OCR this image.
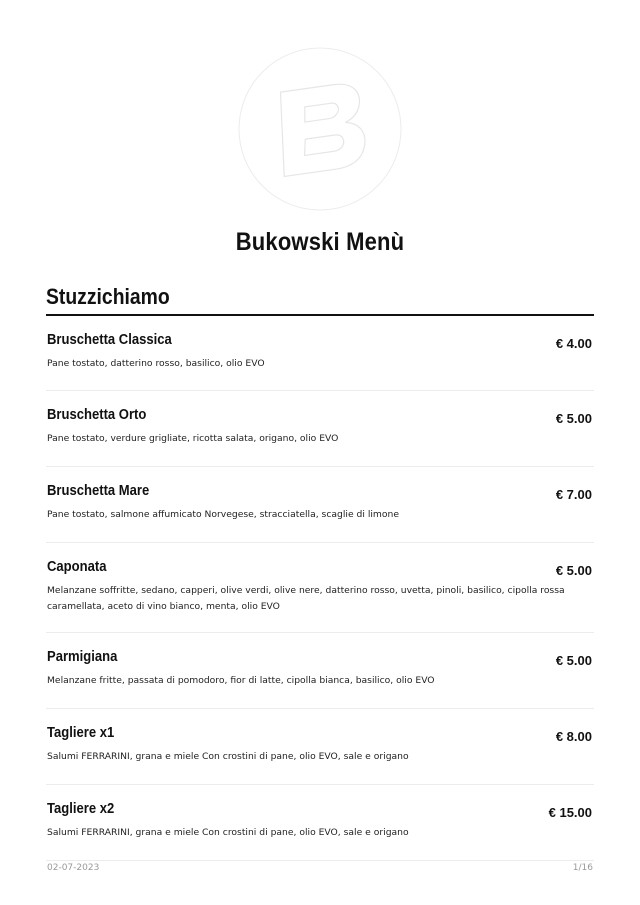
Bukowski Menù
Stuzzichiamo
Bruschetta Classica	€ 4.00
Pane tostato, datterino rosso, basilico, olio EVO
Bruschetta Orto	€ 5.00
Pane tostato, verdure grigliate, ricotta salata, origano, olio EVO
Bruschetta Mare	€ 7.00
Pane tostato, salmone affumicato Norvegese, stracciatella, scaglie di limone
Caponata	€ 5.00
Melanzane soffritte, sedano, capperi, olive verdi, olive nere, datterino rosso, uvetta, pinoli, basilico, cipolla rossa caramellata, aceto di vino bianco, menta, olio EVO
Parmigiana	€ 5.00
Melanzane fritte, passata di pomodoro, fior di latte, cipolla bianca, basilico, olio EVO
Tagliere x1	€ 8.00
Salumi FERRARINI, grana e miele Con crostini di pane, olio EVO, sale e origano
Tagliere x2	€ 15.00
Salumi FERRARINI, grana e miele Con crostini di pane, olio EVO, sale e origano
02-07-2023	1/16
